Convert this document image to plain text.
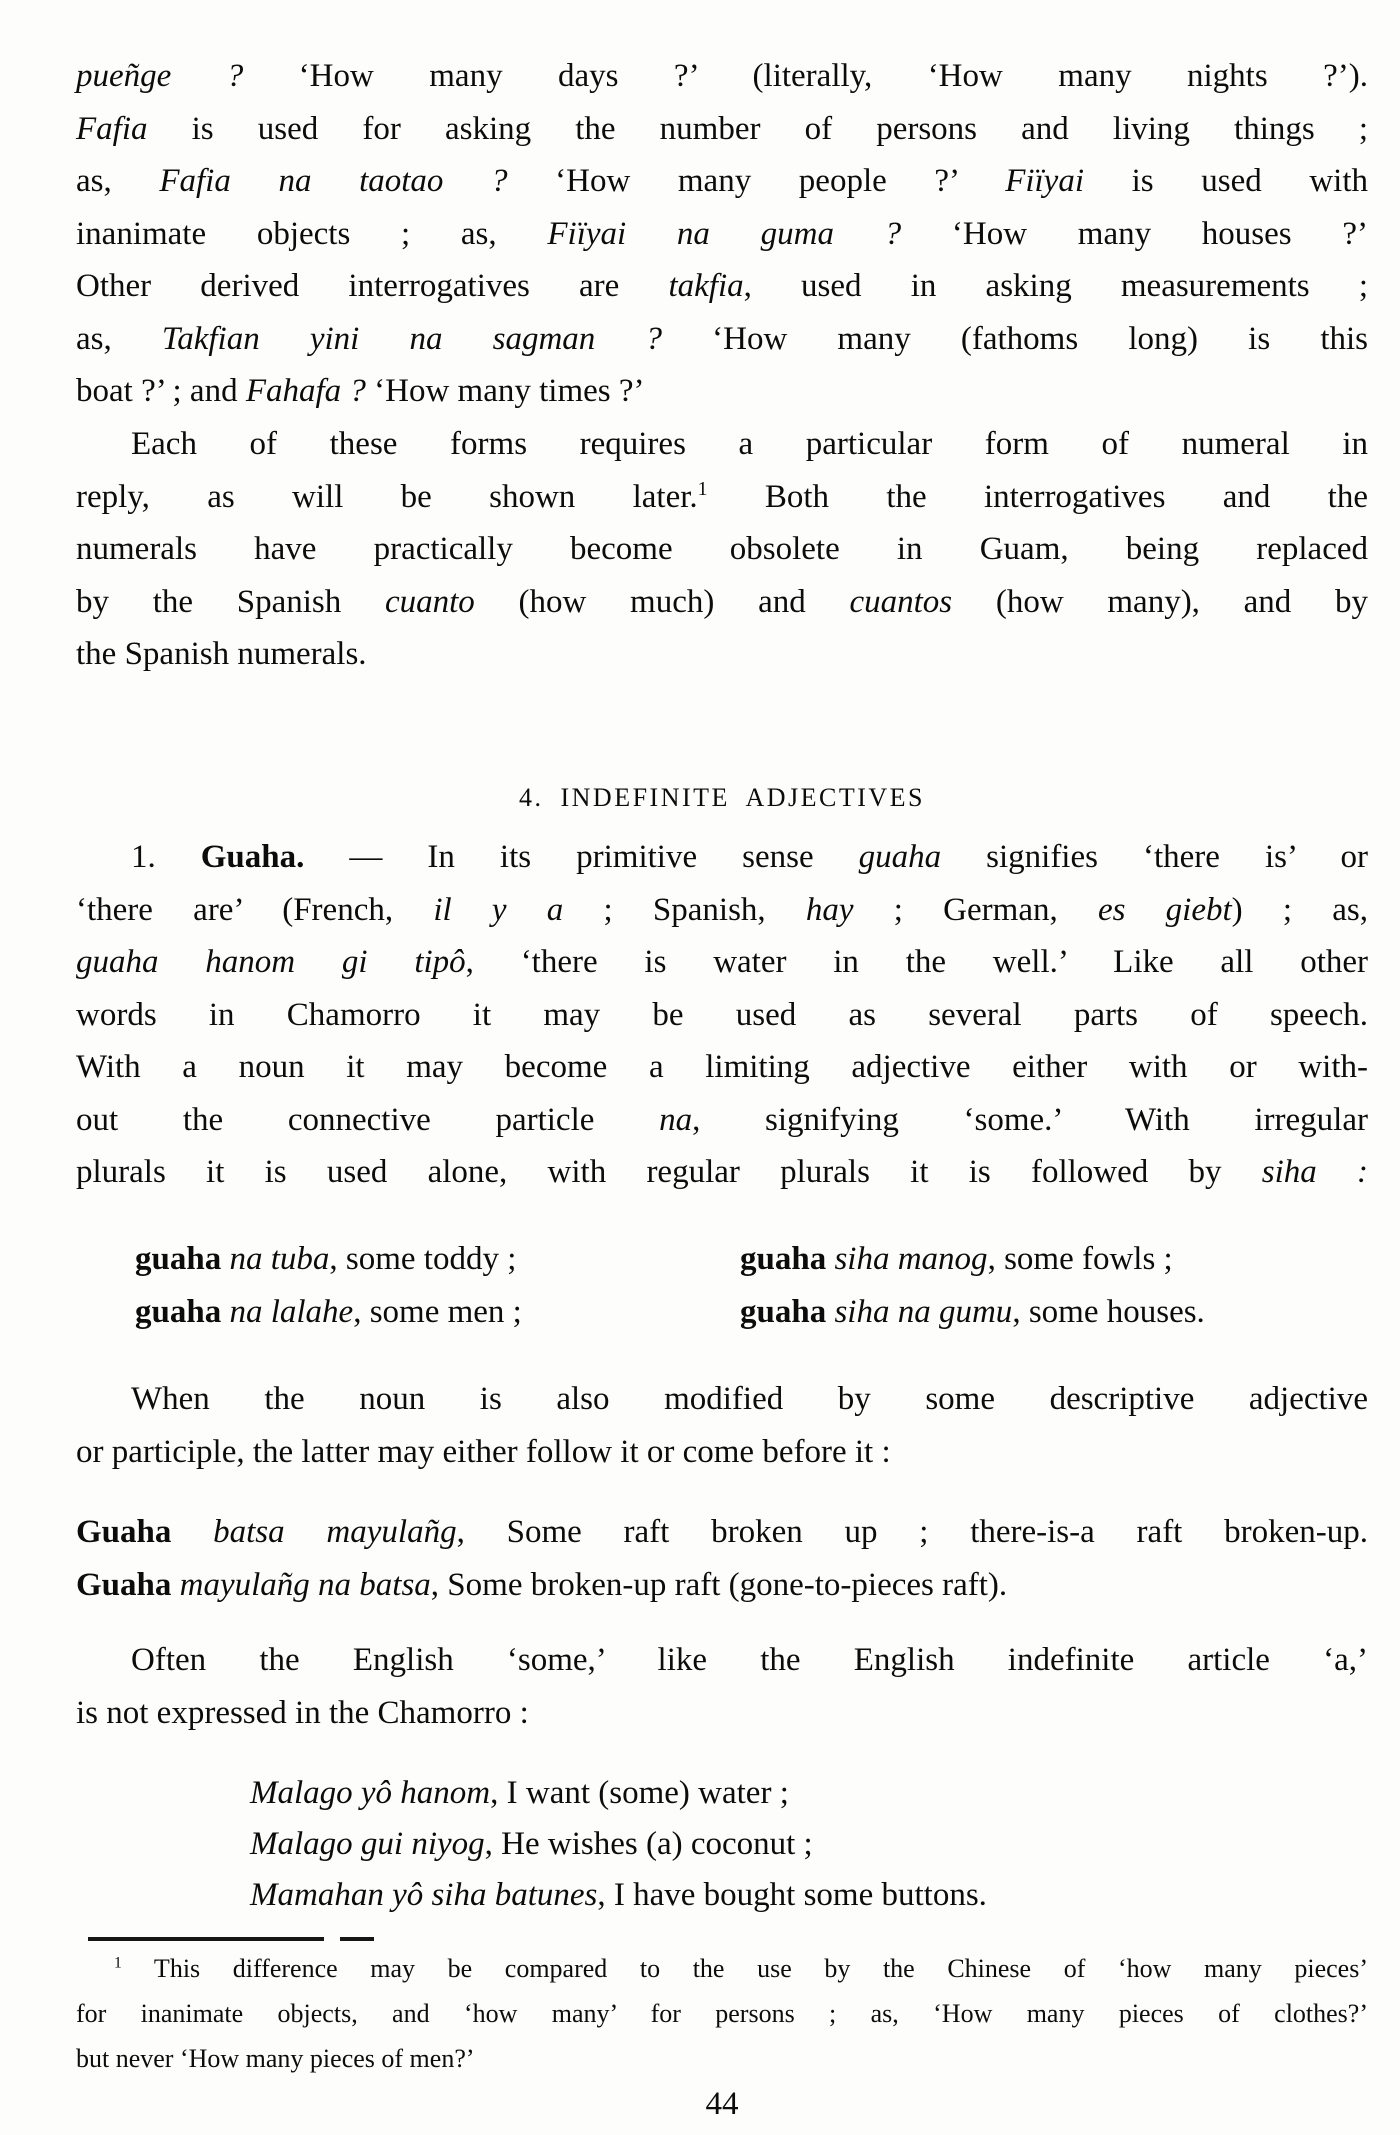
pueñge ? ‘How many days ?’ (literally, ‘How many nights ?’).
Fafia is used for asking the number of persons and living things ;
as, Fafia na taotao ? ‘How many people ?’ Fiïyai is used with
inanimate objects ; as, Fiïyai na guma ? ‘How many houses ?’
Other derived interrogatives are takfia, used in asking measurements ;
as, Takfian yini na sagman ? ‘How many (fathoms long) is this
boat ?’ ; and Fahafa ? ‘How many times ?’
Each of these forms requires a particular form of numeral in
reply, as will be shown later.$^1$ Both the interrogatives and the
numerals have practically become obsolete in Guam, being replaced
by the Spanish cuanto (how much) and cuantos (how many), and by
the Spanish numerals.
4. INDEFINITE ADJECTIVES
1. Guaha. — In its primitive sense guaha signifies ‘there is’ or
‘there are’ (French, il y a ; Spanish, hay ; German, es giebt) ; as,
guaha hanom gi tipô, ‘there is water in the well.’ Like all other
words in Chamorro it may be used as several parts of speech.
With a noun it may become a limiting adjective either with or with-
out the connective particle na, signifying ‘some.’ With irregular
plurals it is used alone, with regular plurals it is followed by siha :
guaha na tuba, some toddy ;
guaha na lalahe, some men ;
guaha siha manog, some fowls ;
guaha siha na gumu, some houses.
When the noun is also modified by some descriptive adjective
or participle, the latter may either follow it or come before it :
Guaha batsa mayulañg, Some raft broken up ; there-is-a raft broken-up.
Guaha mayulañg na batsa, Some broken-up raft (gone-to-pieces raft).
Often the English ‘some,’ like the English indefinite article ‘a,’
is not expressed in the Chamorro :
Malago yô hanom, I want (some) water ;
Malago gui niyog, He wishes (a) coconut ;
Mamahan yô siha batunes, I have bought some buttons.
$^1$ This difference may be compared to the use by the Chinese of ‘how many pieces’
for inanimate objects, and ‘how many’ for persons ; as, ‘How many pieces of clothes?’
but never ‘How many pieces of men?’
44
